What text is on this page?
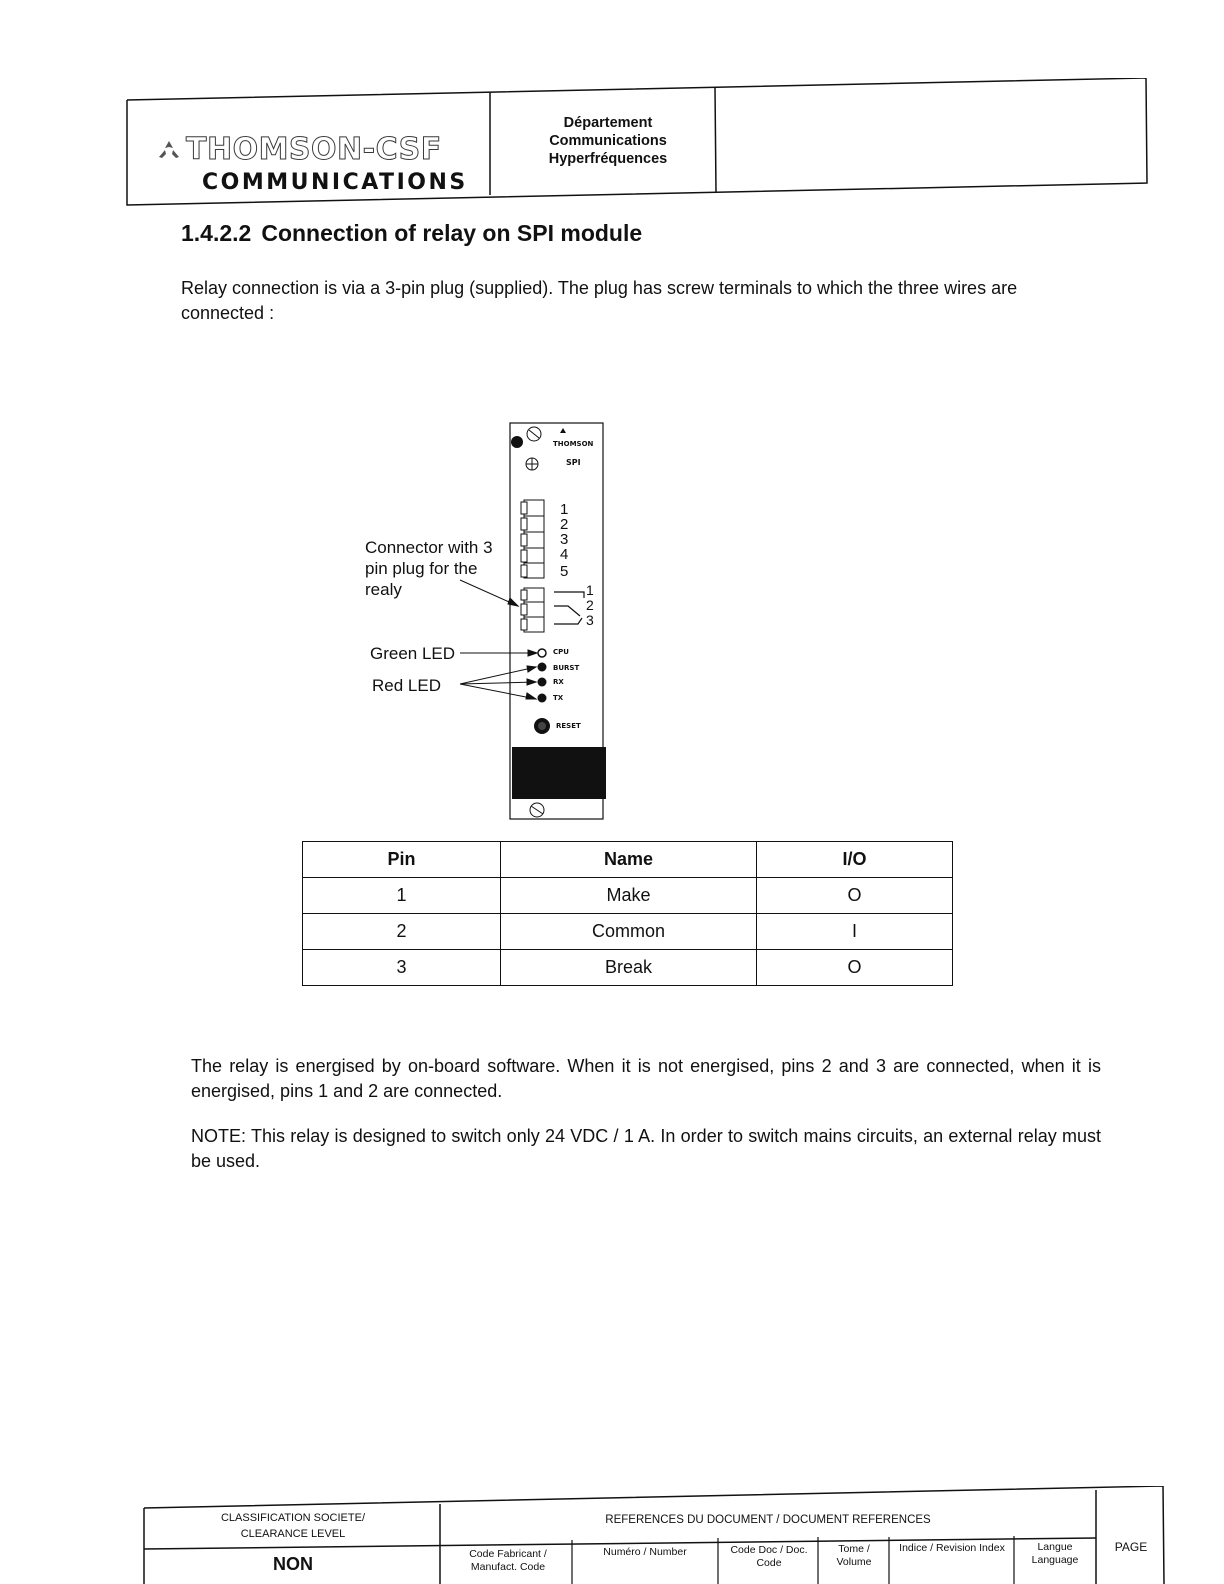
THOMSON-CSF
COMMUNICATIONS
Département
Communications
Hyperfréquences
1.4.2.2 Connection of relay on SPI module
Relay connection is via a 3-pin plug (supplied). The plug has screw terminals to which the three wires are connected :
THOMSON
SPI
1
2
3
4
5
1
2
3
Connector with 3
pin plug for the
realy
Green LED
Red LED
CPU
BURST
RX
TX
RESET
Pin	Name	I/O
1	Make	O
2	Common	I
3	Break	O
The relay is energised by on-board software. When it is not energised, pins 2 and 3 are connected, when it is energised, pins 1 and 2 are connected.
NOTE: This relay is designed to switch only 24 VDC / 1 A. In order to switch mains circuits, an external relay must be used.
CLASSIFICATION SOCIETE/
CLEARANCE LEVEL
NON
REFERENCES DU DOCUMENT / DOCUMENT REFERENCES
Code Fabricant / Manufact. Code
Numéro / Number	Code Doc / Doc. Code
Tome / Volume
Indice / Revision Index	Langue Language
PAGE
